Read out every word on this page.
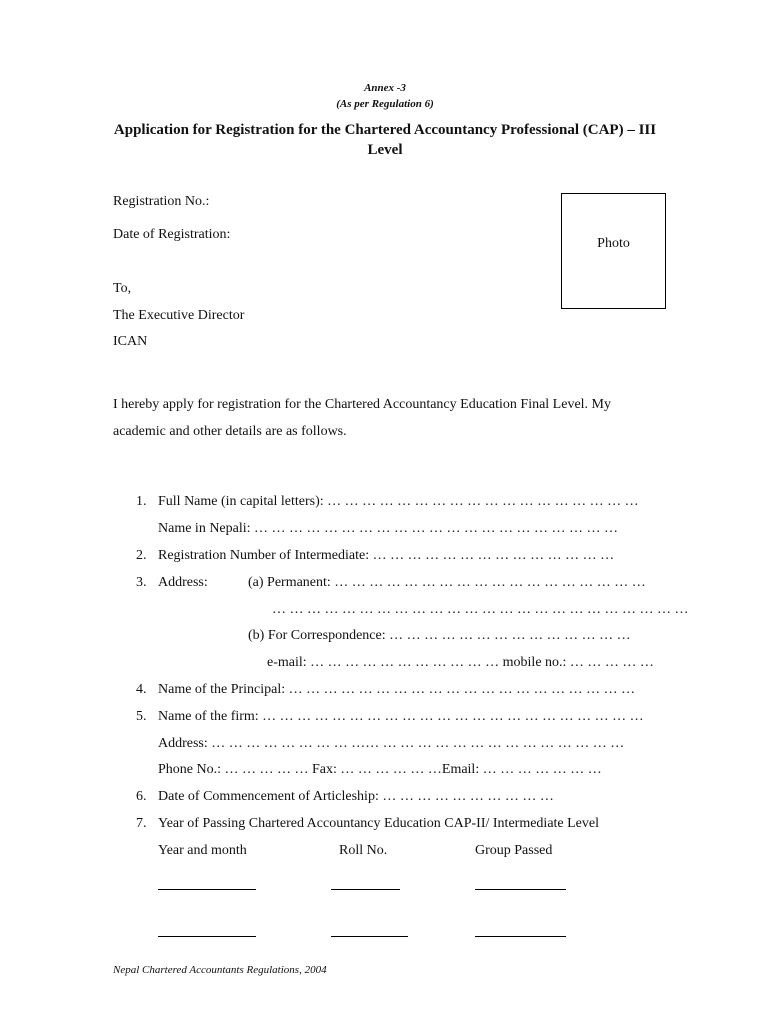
Annex -3
(As per Regulation 6)
Application for Registration for the Chartered Accountancy Professional (CAP) – III
Level
Registration No.:
Date of Registration:
Photo
To,
The Executive Director
ICAN
I hereby apply for registration for the Chartered Accountancy Education Final Level. My
academic and other details are as follows.
1. Full Name (in capital letters): … … … … … … … … … … … … … … … … … …
Name in Nepali: … … … … … … … … … … … … … … … … … … … … …
2. Registration Number of Intermediate: … … … … … … … … … … … … … …
3. Address:	(a) Permanent: … … … … … … … … … … … … … … … … … …
… … … … … … … … … … … … … … … … … … … … … … … …
(b) For Correspondence: … … … … … … … … … … … … … …
e-mail: … … … … … … … … … … … mobile no.: … … … … …
4. Name of the Principal: … … … … … … … … … … … … … … … … … … … …
5. Name of the firm: … … … … … … … … … … … … … … … … … … … … … …
Address: … … … … … … … … …… … … … … … … … … … … … … … …
Phone No.: … … … … … Fax: … … … … … …Email: … … … … … … …
6. Date of Commencement of Articleship: … … … … … … … … … …
7. Year of Passing Chartered Accountancy Education CAP-II/ Intermediate Level
Year and month	Roll No.	Group Passed
Nepal Chartered Accountants Regulations, 2004
